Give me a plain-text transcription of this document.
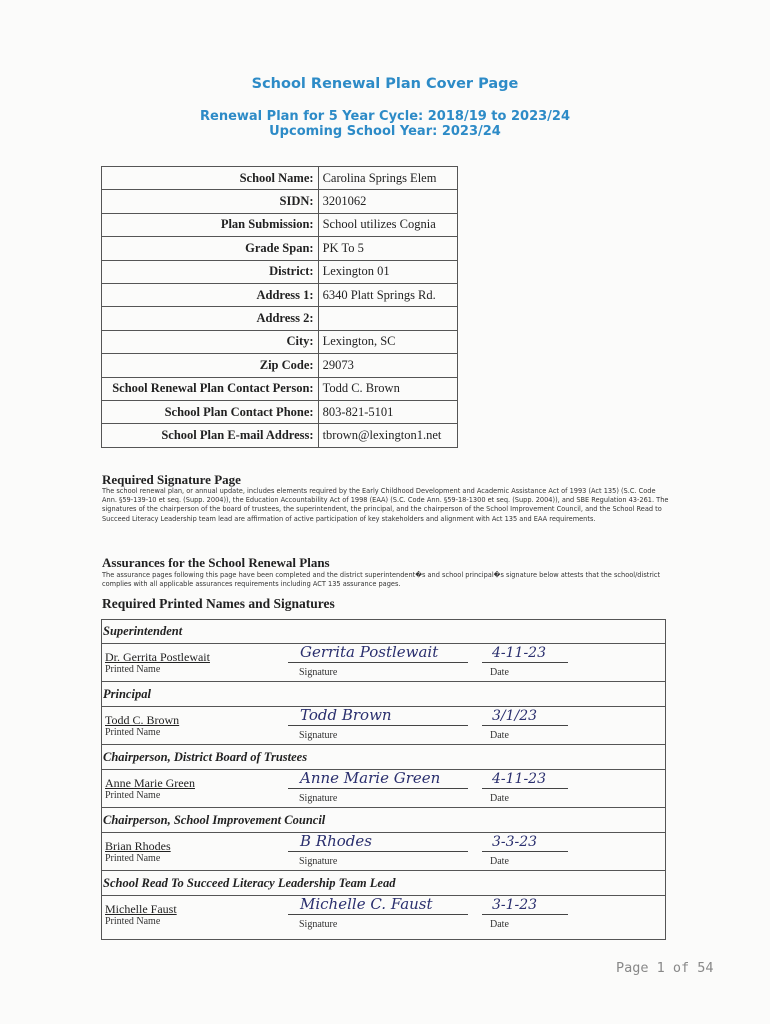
School Renewal Plan Cover Page
Renewal Plan for 5 Year Cycle: 2018/19 to 2023/24
Upcoming School Year: 2023/24
School Name:	Carolina Springs Elem
SIDN:	3201062
Plan Submission:	School utilizes Cognia
Grade Span:	PK To 5
District:	Lexington 01
Address 1:	6340 Platt Springs Rd.
Address 2:	
City:	Lexington, SC
Zip Code:	29073
School Renewal Plan Contact Person:	Todd C. Brown
School Plan Contact Phone:	803-821-5101
School Plan E-mail Address:	tbrown@lexington1.net
Required Signature Page
The school renewal plan, or annual update, includes elements required by the Early Childhood Development and Academic Assistance Act of 1993 (Act 135) (S.C. Code Ann. §59-139-10 et seq. (Supp. 2004)), the Education Accountability Act of 1998 (EAA) (S.C. Code Ann. §59-18-1300 et seq. (Supp. 2004)), and SBE Regulation 43-261. The signatures of the chairperson of the board of trustees, the superintendent, the principal, and the chairperson of the School Improvement Council, and the School Read to Succeed Literacy Leadership team lead are affirmation of active participation of key stakeholders and alignment with Act 135 and EAA requirements.
Assurances for the School Renewal Plans
The assurance pages following this page have been completed and the district superintendent�s and school principal�s signature below attests that the school/district complies with all applicable assurances requirements including ACT 135 assurance pages.
Required Printed Names and Signatures
Superintendent
Dr. Gerrita Postlewait
Printed Name
Gerrita Postlewait
Signature
4-11-23
Date
Principal
Todd C. Brown
Printed Name
Todd Brown
Signature
3/1/23
Date
Chairperson, District Board of Trustees
Anne Marie Green
Printed Name
Anne Marie Green
Signature
4-11-23
Date
Chairperson, School Improvement Council
Brian Rhodes
Printed Name
B Rhodes
Signature
3-3-23
Date
School Read To Succeed Literacy Leadership Team Lead
Michelle Faust
Printed Name
Michelle C. Faust
Signature
3-1-23
Date
Page 1 of 54
